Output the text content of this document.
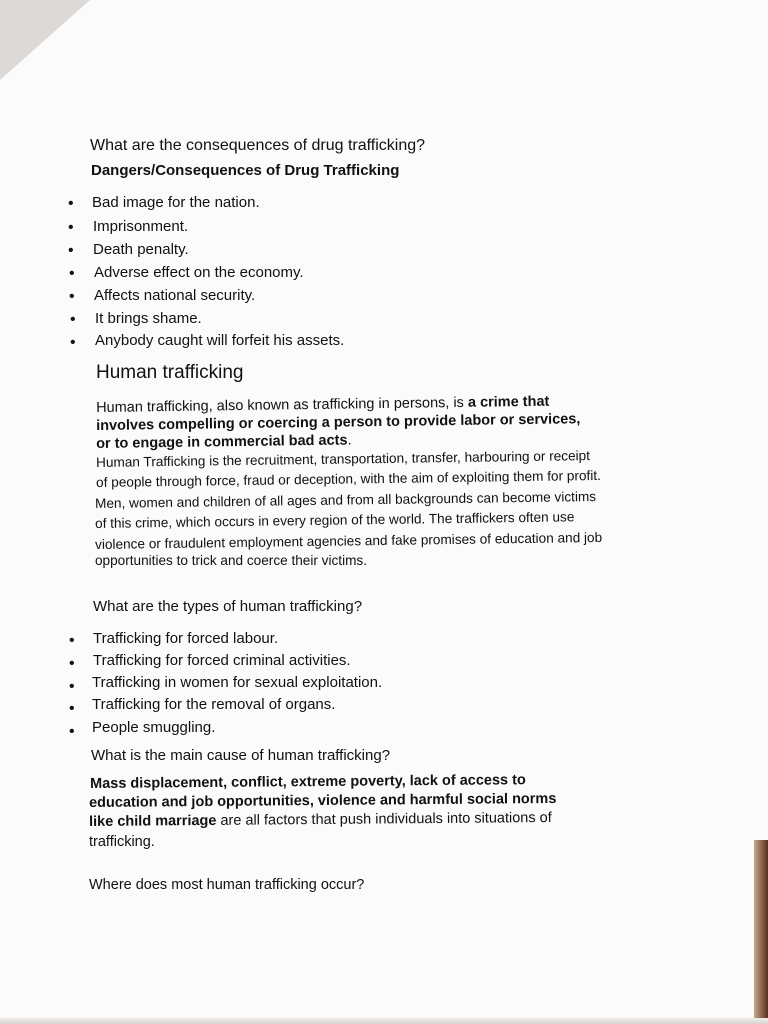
What are the consequences of drug trafficking?
Dangers/Consequences of Drug Trafficking
• Bad image for the nation.
• Imprisonment.
• Death penalty.
• Adverse effect on the economy.
• Affects national security.
• It brings shame.
• Anybody caught will forfeit his assets.
Human trafficking
Human trafficking, also known as trafficking in persons, is a crime that
involves compelling or coercing a person to provide labor or services,
or to engage in commercial bad acts.
Human Trafficking is the recruitment, transportation, transfer, harbouring or receipt
of people through force, fraud or deception, with the aim of exploiting them for profit.
Men, women and children of all ages and from all backgrounds can become victims
of this crime, which occurs in every region of the world. The traffickers often use
violence or fraudulent employment agencies and fake promises of education and job
opportunities to trick and coerce their victims.
What are the types of human trafficking?
• Trafficking for forced labour.
• Trafficking for forced criminal activities.
• Trafficking in women for sexual exploitation.
• Trafficking for the removal of organs.
• People smuggling.
What is the main cause of human trafficking?
Mass displacement, conflict, extreme poverty, lack of access to
education and job opportunities, violence and harmful social norms
like child marriage are all factors that push individuals into situations of
trafficking.
Where does most human trafficking occur?
